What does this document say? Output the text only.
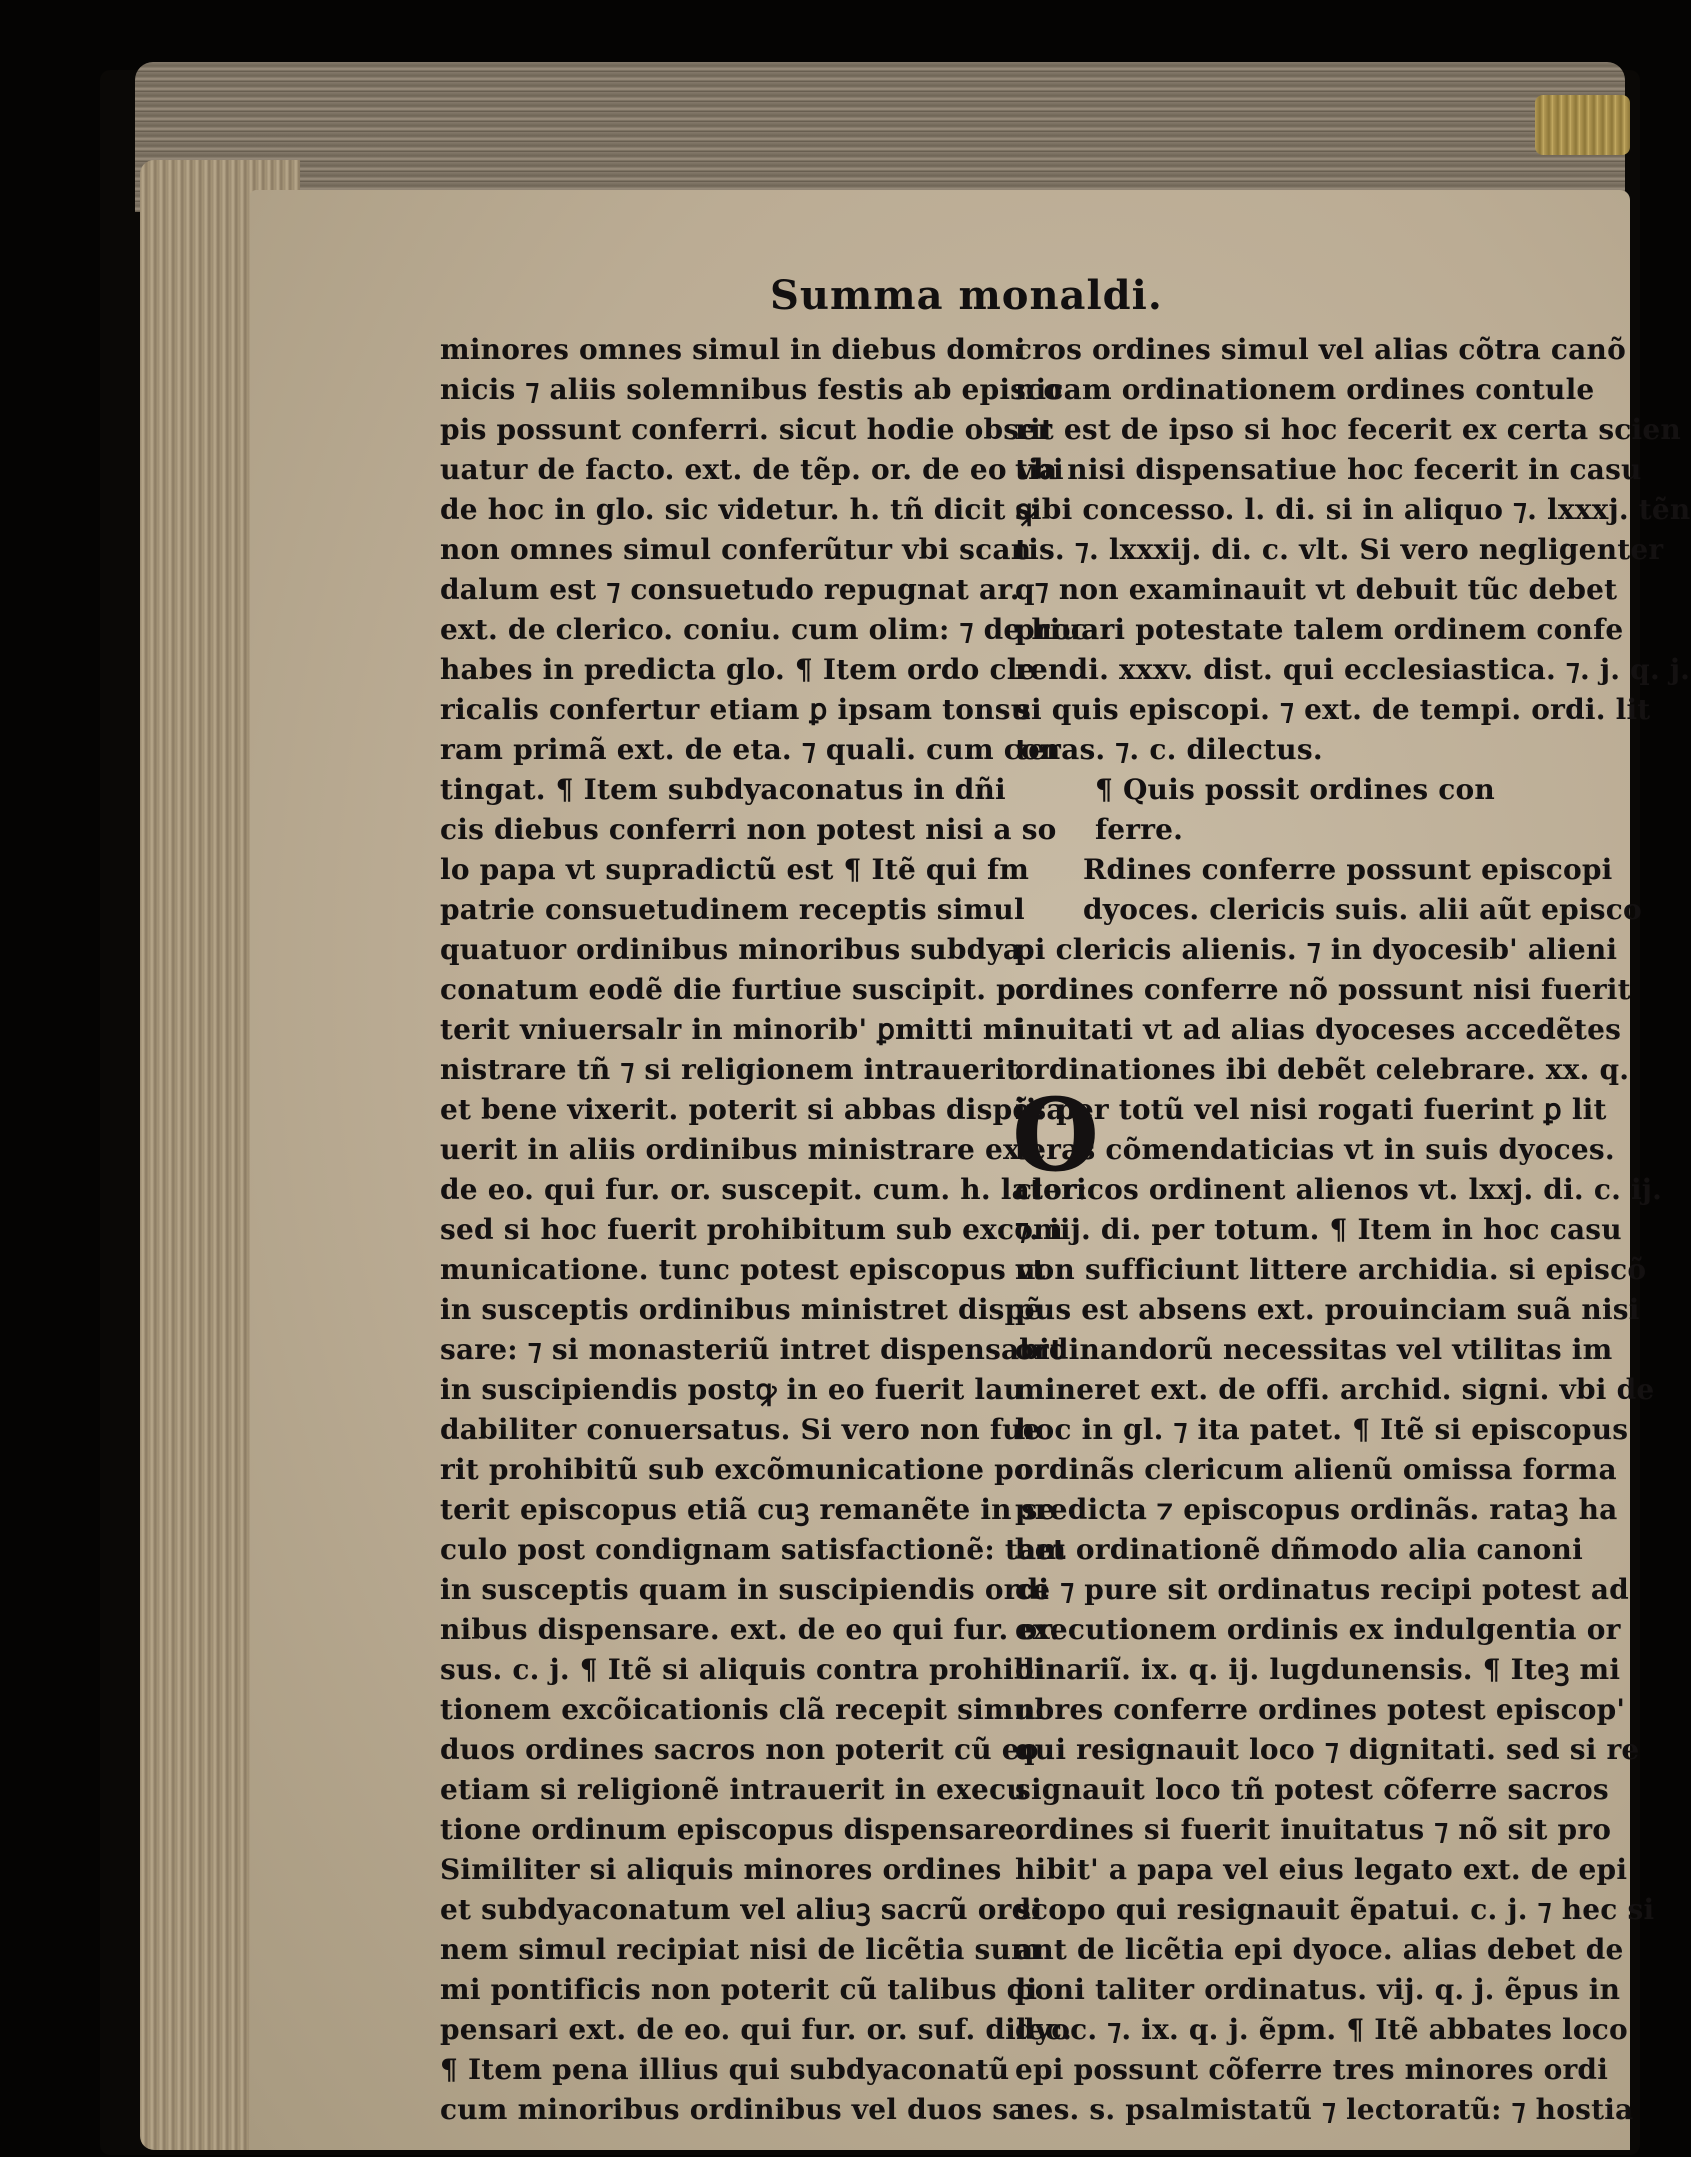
Summa monaldi.
minores omnes simul in diebus domi
nicis ⁊ aliis solemnibus festis ab episco
pis possunt conferri. sicut hodie obser
uatur de facto. ext. de tẽp. or. de eo vbi
de hoc in glo. sic videtur. h. tñ dicit ꝙ
non omnes simul conferũtur vbi scan
dalum est ⁊ consuetudo repugnat ar.
ext. de clerico. coniu. cum olim: ⁊ de hoc
habes in predicta glo. ¶ Item ordo cle
ricalis confertur etiam ꝑ ipsam tonsu
ram primã ext. de eta. ⁊ quali. cum con
tingat. ¶ Item subdyaconatus in dñi
cis diebus conferri non potest nisi a so
lo papa vt supradictũ est ¶ Itẽ qui fm
patrie consuetudinem receptis simul
quatuor ordinibus minoribus subdya
conatum eodẽ die furtiue suscipit. po
terit vniuersalr in minorib' ꝑmitti mi
nistrare tñ ⁊ si religionem intrauerit
et bene vixerit. poterit si abbas dispẽsa
uerit in aliis ordinibus ministrare ext.
de eo. qui fur. or. suscepit. cum. h. lator:
sed si hoc fuerit prohibitum sub excom
municatione. tunc potest episcopus vt
in susceptis ordinibus ministret dispẽ
sare: ⁊ si monasteriũ intret dispensabit
in suscipiendis postꝙ in eo fuerit lau
dabiliter conuersatus. Si vero non fue
rit prohibitũ sub excõmunicatione po
terit episcopus etiã cuꝫ remanẽte in se
culo post condignam satisfactionẽ: tam
in susceptis quam in suscipiendis ordi
nibus dispensare. ext. de eo qui fur. or.
sus. c. j. ¶ Itẽ si aliquis contra prohibi
tionem excõicationis clã recepit simul
duos ordines sacros non poterit cũ eo
etiam si religionẽ intrauerit in execu
tione ordinum episcopus dispensare.
Similiter si aliquis minores ordines
et subdyaconatum vel aliuꝫ sacrũ ordi
nem simul recipiat nisi de licẽtia sum
mi pontificis non poterit cũ talibus di
pensari ext. de eo. qui fur. or. suf. dilec.
¶ Item pena illius qui subdyaconatũ
cum minoribus ordinibus vel duos sa
cros ordines simul vel alias cõtra canõ
nicam ordinationem ordines contule
rit est de ipso si hoc fecerit ex certa scien
tia nisi dispensatiue hoc fecerit in casu
sibi concesso. l. di. si in aliquo ⁊. lxxxj. tẽn
tis. ⁊. lxxxij. di. c. vlt. Si vero negligenter
q⁊ non examinauit vt debuit tũc debet
priuari potestate talem ordinem confe
rendi. xxxv. dist. qui ecclesiastica. ⁊. j. q. j.
si quis episcopi. ⁊ ext. de tempi. ordi. lit
teras. ⁊. c. dilectus.
¶ Quis possit ordines con
ferre.
Rdines conferre possunt episcopi
dyoces. clericis suis. alii aũt episco
pi clericis alienis. ⁊ in dyocesib' alieni
ordines conferre nõ possunt nisi fuerit
inuitati vt ad alias dyoceses accedẽtes
ordinationes ibi debẽt celebrare. xx. q.
ij. per totũ vel nisi rogati fuerint ꝑ lit
teras cõmendaticias vt in suis dyoces.
clericos ordinent alienos vt. lxxj. di. c. ij.
⁊. iij. di. per totum. ¶ Item in hoc casu
non sufficiunt littere archidia. si episcõ
pus est absens ext. prouinciam suã nisi
ordinandorũ necessitas vel vtilitas im
mineret ext. de offi. archid. signi. vbi de
hoc in gl. ⁊ ita patet. ¶ Itẽ si episcopus
ordinãs clericum alienũ omissa forma
predicta ⁊ episcopus ordinãs. rataꝫ ha
bet ordinationẽ dñmodo alia canoni
ce ⁊ pure sit ordinatus recipi potest ad
executionem ordinis ex indulgentia or
dinariĩ. ix. q. ij. lugdunensis. ¶ Iteꝫ mi
nores conferre ordines potest episcop'
qui resignauit loco ⁊ dignitati. sed si re
signauit loco tñ potest cõferre sacros
ordines si fuerit inuitatus ⁊ nõ sit pro
hibit' a papa vel eius legato ext. de epi
scopo qui resignauit ẽpatui. c. j. ⁊ hec si
ant de licẽtia epi dyoce. alias debet de
poni taliter ordinatus. vij. q. j. ẽpus in
dyoc. ⁊. ix. q. j. ẽpm. ¶ Itẽ abbates loco
epi possunt cõferre tres minores ordi
nes. s. psalmistatũ ⁊ lectoratũ: ⁊ hostia
O
